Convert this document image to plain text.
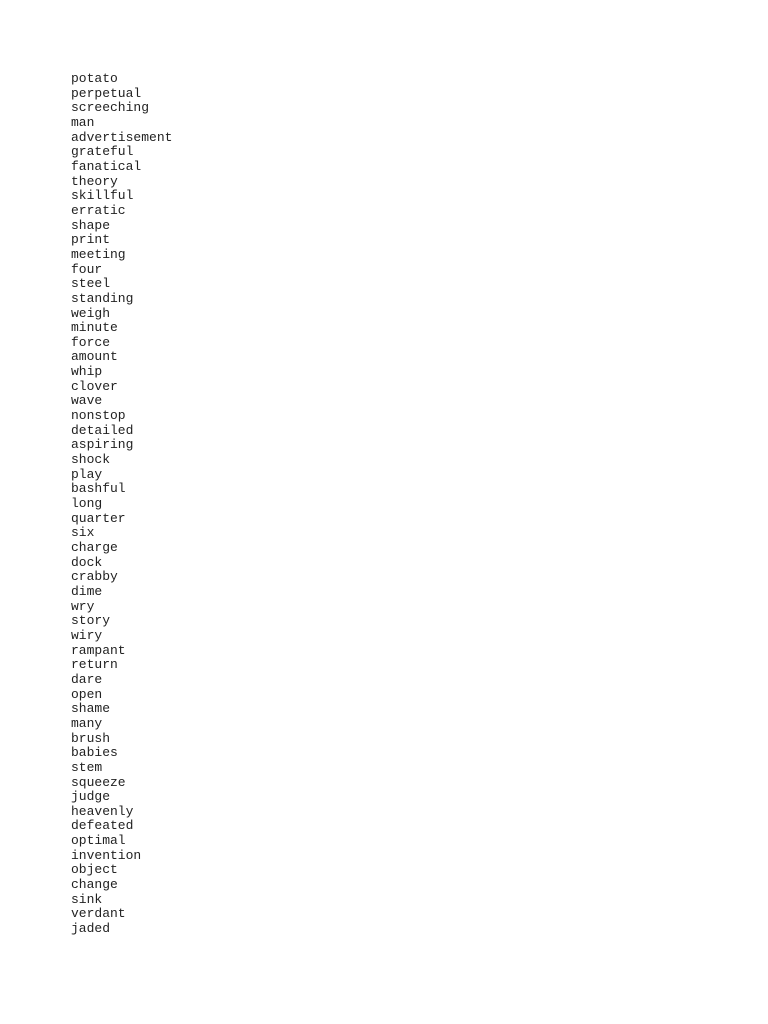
potato
perpetual
screeching
man
advertisement
grateful
fanatical
theory
skillful
erratic
shape
print
meeting
four
steel
standing
weigh
minute
force
amount
whip
clover
wave
nonstop
detailed
aspiring
shock
play
bashful
long
quarter
six
charge
dock
crabby
dime
wry
story
wiry
rampant
return
dare
open
shame
many
brush
babies
stem
squeeze
judge
heavenly
defeated
optimal
invention
object
change
sink
verdant
jaded
